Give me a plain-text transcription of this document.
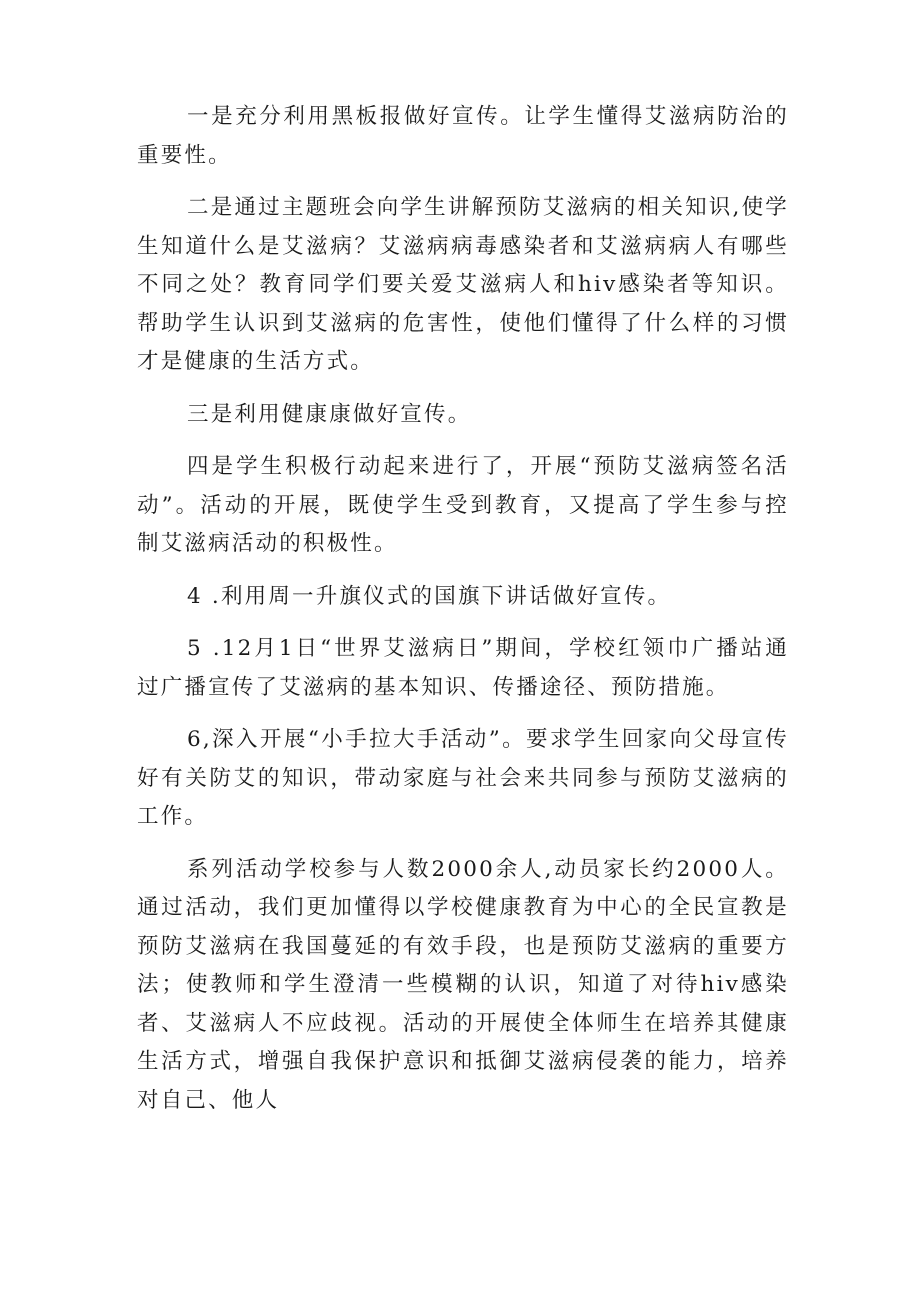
一是充分利用黑板报做好宣传。让学生懂得艾滋病防治的重要性。

二是通过主题班会向学生讲解预防艾滋病的相关知识,使学生知道什么是艾滋病？艾滋病病毒感染者和艾滋病病人有哪些不同之处？教育同学们要关爱艾滋病人和hiv感染者等知识。帮助学生认识到艾滋病的危害性，使他们懂得了什么样的习惯才是健康的生活方式。

三是利用健康康做好宣传。

四是学生积极行动起来进行了，开展“预防艾滋病签名活动”。活动的开展，既使学生受到教育，又提高了学生参与控制艾滋病活动的积极性。

4 .利用周一升旗仪式的国旗下讲话做好宣传。

5 .12月1日“世界艾滋病日”期间，学校红领巾广播站通过广播宣传了艾滋病的基本知识、传播途径、预防措施。

6,深入开展“小手拉大手活动”。要求学生回家向父母宣传好有关防艾的知识，带动家庭与社会来共同参与预防艾滋病的工作。

系列活动学校参与人数2000余人,动员家长约2000人。通过活动，我们更加懂得以学校健康教育为中心的全民宣教是预防艾滋病在我国蔓延的有效手段，也是预防艾滋病的重要方法；使教师和学生澄清一些模糊的认识，知道了对待hiv感染者、艾滋病人不应歧视。活动的开展使全体师生在培养其健康生活方式，增强自我保护意识和抵御艾滋病侵袭的能力，培养对自己、他人
